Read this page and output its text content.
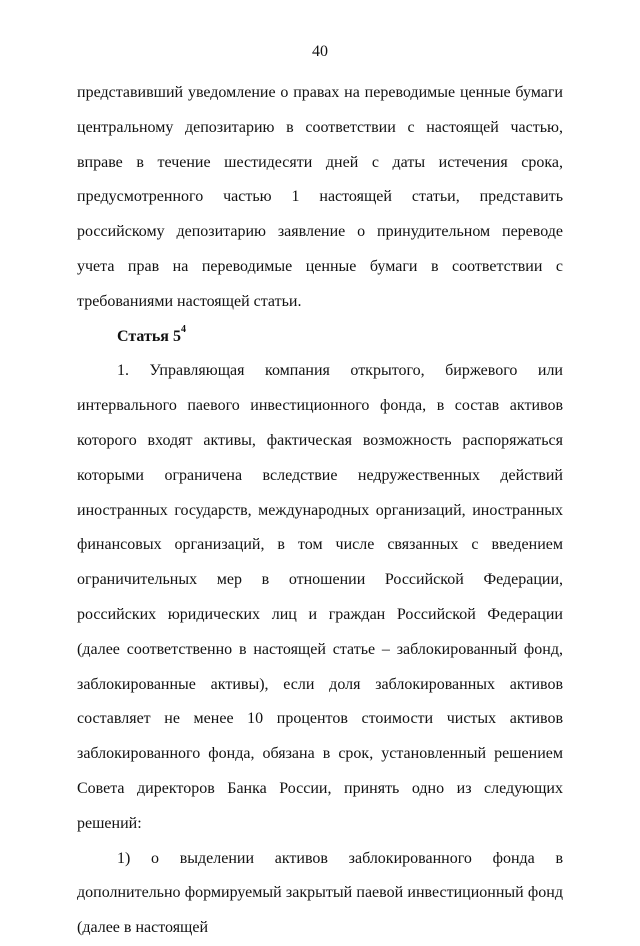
40

представивший уведомление о правах на переводимые ценные бумаги центральному депозитарию в соответствии с настоящей частью, вправе в течение шестидесяти дней с даты истечения срока, предусмотренного частью 1 настоящей статьи, представить российскому депозитарию заявление о принудительном переводе учета прав на переводимые ценные бумаги в соответствии с требованиями настоящей статьи.

Статья $5^4$

1. Управляющая компания открытого, биржевого или интервального паевого инвестиционного фонда, в состав активов которого входят активы, фактическая возможность распоряжаться которыми ограничена вследствие недружественных действий иностранных государств, международных организаций, иностранных финансовых организаций, в том числе связанных с введением ограничительных мер в отношении Российской Федерации, российских юридических лиц и граждан Российской Федерации (далее соответственно в настоящей статье – заблокированный фонд, заблокированные активы), если доля заблокированных активов составляет не менее 10 процентов стоимости чистых активов заблокированного фонда, обязана в срок, установленный решением Совета директоров Банка России, принять одно из следующих решений:

1) о выделении активов заблокированного фонда в дополнительно формируемый закрытый паевой инвестиционный фонд (далее в настоящей
